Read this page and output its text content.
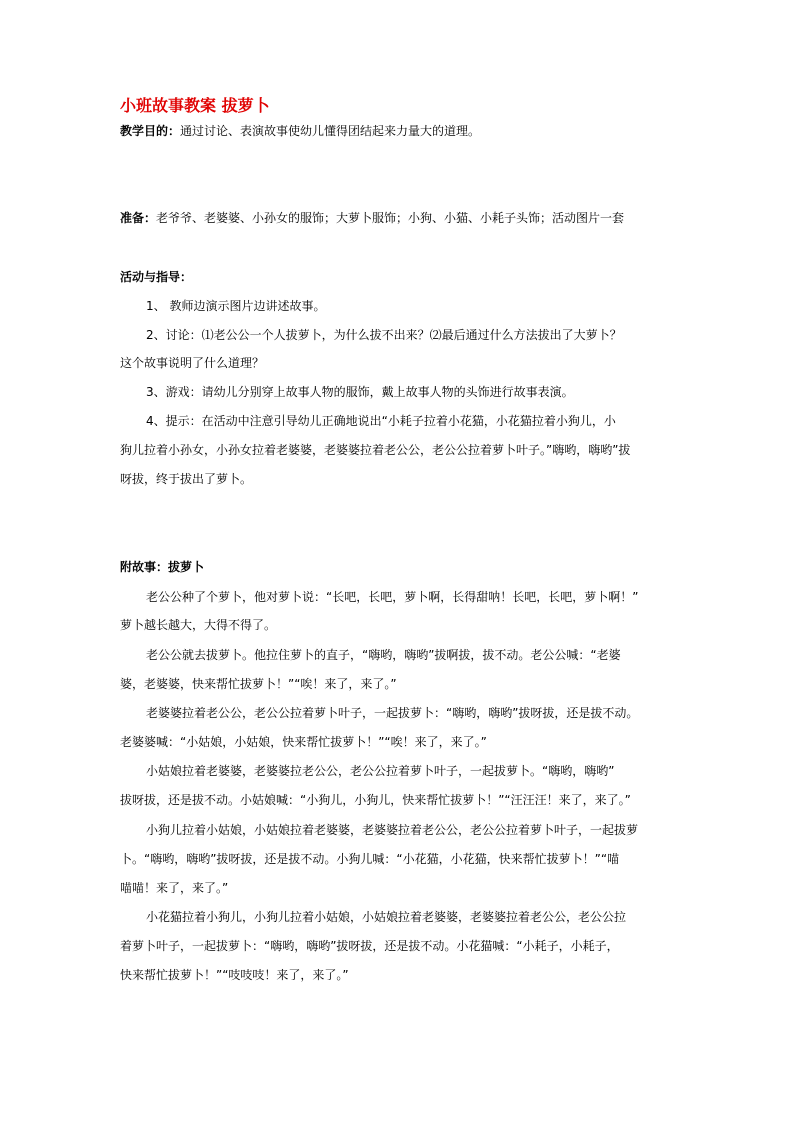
小班故事教案 拔萝卜
教学目的：通过讨论、表演故事使幼儿懂得团结起来力量大的道理。
准备：老爷爷、老婆婆、小孙女的服饰；大萝卜服饰；小狗、小猫、小耗子头饰；活动图片一套
活动与指导：
1、 教师边演示图片边讲述故事。
2、讨论：⑴老公公一个人拔萝卜，为什么拔不出来？⑵最后通过什么方法拔出了大萝卜？
这个故事说明了什么道理？
3、游戏：请幼儿分别穿上故事人物的服饰，戴上故事人物的头饰进行故事表演。
4、提示：在活动中注意引导幼儿正确地说出“小耗子拉着小花猫，小花猫拉着小狗儿，小
狗儿拉着小孙女，小孙女拉着老婆婆，老婆婆拉着老公公，老公公拉着萝卜叶子。”嗨哟，嗨哟”拔
呀拔，终于拔出了萝卜。
附故事：拔萝卜
老公公种了个萝卜，他对萝卜说：“长吧，长吧，萝卜啊，长得甜呐！长吧，长吧，萝卜啊！”
萝卜越长越大，大得不得了。
老公公就去拔萝卜。他拉住萝卜的直子，“嗨哟，嗨哟”拔啊拔，拔不动。老公公喊：“老婆
婆，老婆婆，快来帮忙拔萝卜！”“唉！来了，来了。”
老婆婆拉着老公公，老公公拉着萝卜叶子，一起拔萝卜：“嗨哟，嗨哟”拔呀拔，还是拔不动。
老婆婆喊：“小姑娘，小姑娘，快来帮忙拔萝卜！”“唉！来了，来了。”
小姑娘拉着老婆婆，老婆婆拉老公公，老公公拉着萝卜叶子，一起拔萝卜。“嗨哟，嗨哟”
拔呀拔，还是拔不动。小姑娘喊：“小狗儿，小狗儿，快来帮忙拔萝卜！”“汪汪汪！来了，来了。”
小狗儿拉着小姑娘，小姑娘拉着老婆婆，老婆婆拉着老公公，老公公拉着萝卜叶子，一起拔萝
卜。“嗨哟，嗨哟”拔呀拔，还是拔不动。小狗儿喊：“小花猫，小花猫，快来帮忙拔萝卜！”“喵
喵喵！来了，来了。”
小花猫拉着小狗儿，小狗儿拉着小姑娘，小姑娘拉着老婆婆，老婆婆拉着老公公，老公公拉
着萝卜叶子，一起拔萝卜：“嗨哟，嗨哟”拔呀拔，还是拔不动。小花猫喊：“小耗子，小耗子，
快来帮忙拔萝卜！”“吱吱吱！来了，来了。”
